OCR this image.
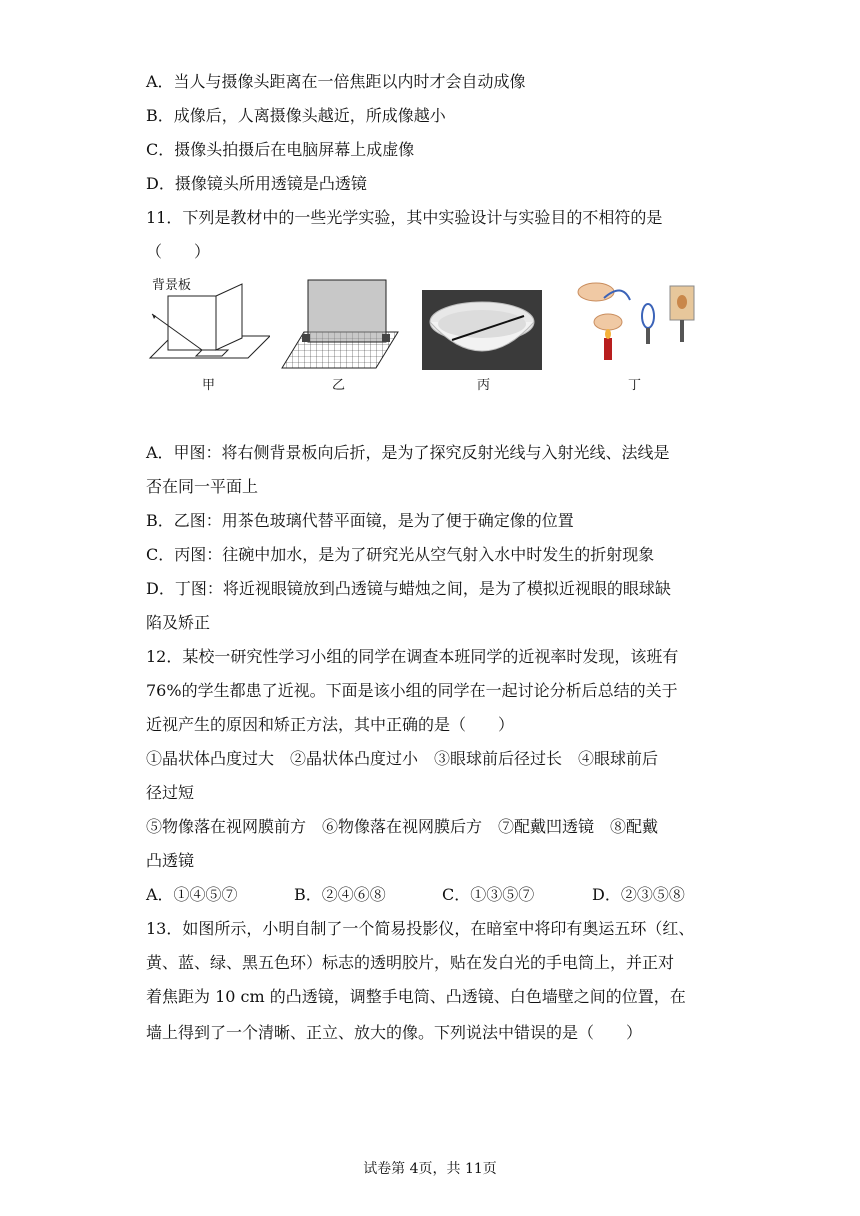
A．当人与摄像头距离在一倍焦距以内时才会自动成像
B．成像后，人离摄像头越近，所成像越小
C．摄像头拍摄后在电脑屏幕上成虚像
D．摄像镜头所用透镜是凸透镜
11．下列是教材中的一些光学实验，其中实验设计与实验目的不相符的是
（　　）
背景板
甲	乙	丙	丁
A．甲图：将右侧背景板向后折，是为了探究反射光线与入射光线、法线是
否在同一平面上
B．乙图：用茶色玻璃代替平面镜，是为了便于确定像的位置
C．丙图：往碗中加水，是为了研究光从空气射入水中时发生的折射现象
D．丁图：将近视眼镜放到凸透镜与蜡烛之间，是为了模拟近视眼的眼球缺
陷及矫正
12．某校一研究性学习小组的同学在调查本班同学的近视率时发现，该班有
76%的学生都患了近视。下面是该小组的同学在一起讨论分析后总结的关于
近视产生的原因和矫正方法，其中正确的是（　　）
①晶状体凸度过大　②晶状体凸度过小　③眼球前后径过长　④眼球前后
径过短
⑤物像落在视网膜前方　⑥物像落在视网膜后方　⑦配戴凹透镜　⑧配戴
凸透镜
A．①④⑤⑦	B．②④⑥⑧	C．①③⑤⑦	D．②③⑤⑧
13．如图所示，小明自制了一个简易投影仪，在暗室中将印有奥运五环（红、
黄、蓝、绿、黑五色环）标志的透明胶片，贴在发白光的手电筒上，并正对
着焦距为 10 cm 的凸透镜，调整手电筒、凸透镜、白色墙壁之间的位置，在
墙上得到了一个清晰、正立、放大的像。下列说法中错误的是（　　）
试卷第 4页，共 11页
